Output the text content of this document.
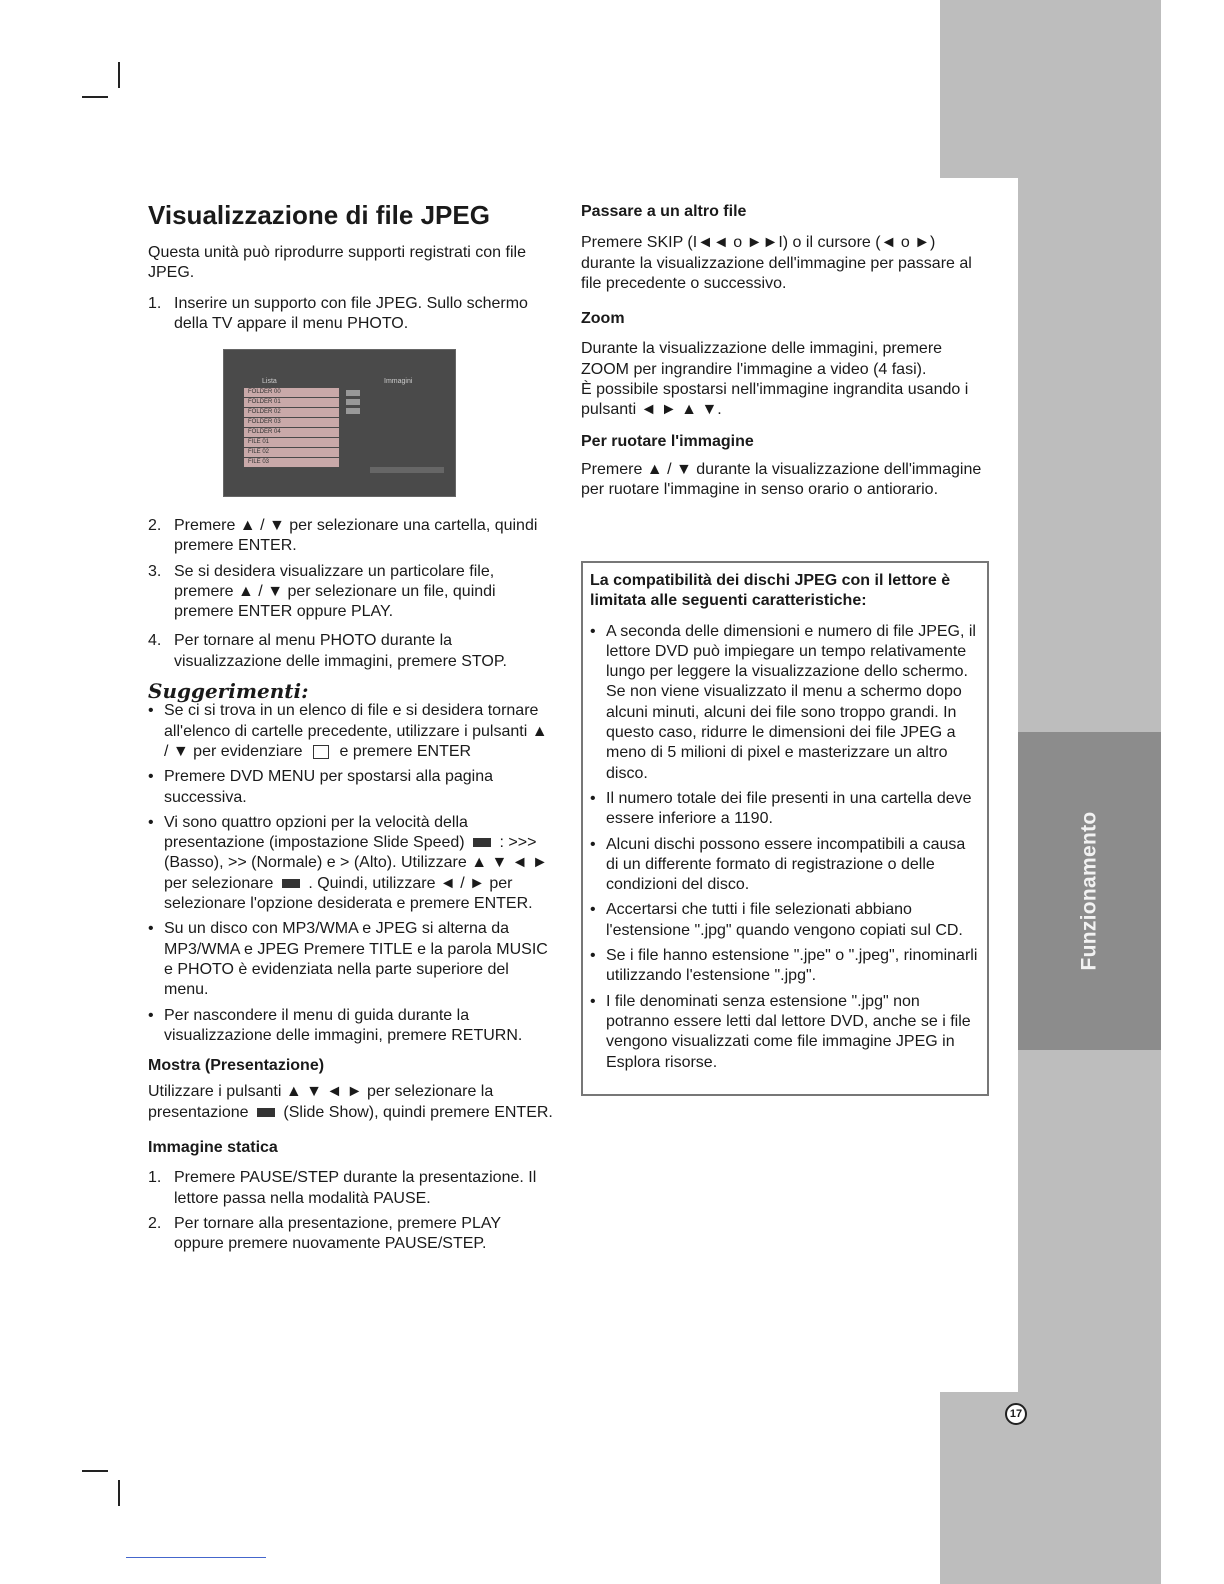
Funzionamento
Visualizzazione di file JPEG

Questa unità può riprodurre supporti registrati con file JPEG.

1. Inserire un supporto con file JPEG. Sullo schermo della TV appare il menu PHOTO.
Lista	Immagini
FOLDER 00
FOLDER 01
FOLDER 02
FOLDER 03
FOLDER 04
FILE 01
FILE 02
FILE 03
2. Premere ▲ / ▼ per selezionare una cartella, quindi premere ENTER.
3. Se si desidera visualizzare un particolare file, premere ▲ / ▼ per selezionare un file, quindi premere ENTER oppure PLAY.
4. Per tornare al menu PHOTO durante la visualizzazione delle immagini, premere STOP.

Suggerimenti:

• Se ci si trova in un elenco di file e si desidera tornare all'elenco di cartelle precedente, utilizzare i pulsanti ▲ / ▼ per evidenziare e premere ENTER
• Premere DVD MENU per spostarsi alla pagina successiva.
• Vi sono quattro opzioni per la velocità della presentazione (impostazione Slide Speed) : >>> (Basso), >> (Normale) e > (Alto). Utilizzare ▲ ▼ ◄ ► per selezionare . Quindi, utilizzare ◄ / ► per selezionare l'opzione desiderata e premere ENTER.
• Su un disco con MP3/WMA e JPEG si alterna da MP3/WMA e JPEG Premere TITLE e la parola MUSIC e PHOTO è evidenziata nella parte superiore del menu.
• Per nascondere il menu di guida durante la visualizzazione delle immagini, premere RETURN.

Mostra (Presentazione)

Utilizzare i pulsanti ▲ ▼ ◄ ► per selezionare la presentazione (Slide Show), quindi premere ENTER.

Immagine statica

1. Premere PAUSE/STEP durante la presentazione. Il lettore passa nella modalità PAUSE.
2. Per tornare alla presentazione, premere PLAY oppure premere nuovamente PAUSE/STEP.

Passare a un altro file

Premere SKIP (I◄◄ o ►►I) o il cursore (◄ o ►) durante la visualizzazione dell'immagine per passare al file precedente o successivo.

Zoom

Durante la visualizzazione delle immagini, premere ZOOM per ingrandire l'immagine a video (4 fasi).

È possibile spostarsi nell'immagine ingrandita usando i pulsanti ◄ ► ▲ ▼.

Per ruotare l'immagine

Premere ▲ / ▼ durante la visualizzazione dell'immagine per ruotare l'immagine in senso orario o antiorario.

La compatibilità dei dischi JPEG con il lettore è limitata alle seguenti caratteristiche:

• A seconda delle dimensioni e numero di file JPEG, il lettore DVD può impiegare un tempo relativamente lungo per leggere la visualizzazione dello schermo. Se non viene visualizzato il menu a schermo dopo alcuni minuti, alcuni dei file sono troppo grandi. In questo caso, ridurre le dimensioni dei file JPEG a meno di 5 milioni di pixel e masterizzare un altro disco.
• Il numero totale dei file presenti in una cartella deve essere inferiore a 1190.
• Alcuni dischi possono essere incompatibili a causa di un differente formato di registrazione o delle condizioni del disco.
• Accertarsi che tutti i file selezionati abbiano l'estensione ".jpg" quando vengono copiati sul CD.
• Se i file hanno estensione ".jpe" o ".jpeg", rinominarli utilizzando l'estensione ".jpg".
• I file denominati senza estensione ".jpg" non potranno essere letti dal lettore DVD, anche se i file vengono visualizzati come file immagine JPEG in Esplora risorse.
17
